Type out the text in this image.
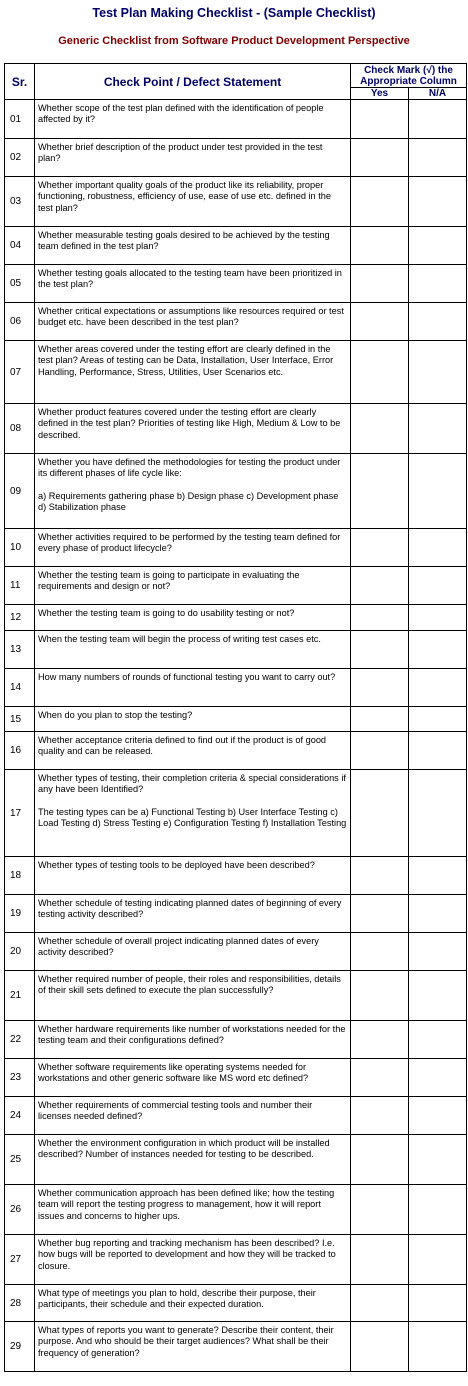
Test Plan Making Checklist - (Sample Checklist)
Generic Checklist from Software Product Development Perspective
Sr.	Check Point / Defect Statement	Check Mark (√) the Appropriate Column	
		Yes	N/A
01	Whether scope of the test plan defined with the identification of people affected by it?		
02	Whether brief description of the product under test provided in the test plan?		
03	Whether important quality goals of the product like its reliability, proper functioning, robustness, efficiency of use, ease of use etc. defined in the test plan?		
04	Whether measurable testing goals desired to be achieved by the testing team defined in the test plan?		
05	Whether testing goals allocated to the testing team have been prioritized in the test plan?		
06	Whether critical expectations or assumptions like resources required or test budget etc. have been described in the test plan?		
07	Whether areas covered under the testing effort are clearly defined in the test plan? Areas of testing can be Data, Installation, User Interface, Error Handling, Performance, Stress, Utilities, User Scenarios etc.		
08	Whether product features covered under the testing effort are clearly defined in the test plan? Priorities of testing like High, Medium & Low to be described.		
09	Whether you have defined the methodologies for testing the product under its different phases of life cycle like:

a) Requirements gathering phase b) Design phase c) Development phase d) Stabilization phase		
10	Whether activities required to be performed by the testing team defined for every phase of product lifecycle?		
11	Whether the testing team is going to participate in evaluating the requirements and design or not?		
12	Whether the testing team is going to do usability testing or not?		
13	When the testing team will begin the process of writing test cases etc.		
14	How many numbers of rounds of functional testing you want to carry out?		
15	When do you plan to stop the testing?		
16	Whether acceptance criteria defined to find out if the product is of good quality and can be released.		
17	Whether types of testing, their completion criteria & special considerations if any have been Identified?

The testing types can be a) Functional Testing b) User Interface Testing c) Load Testing d) Stress Testing e) Configuration Testing f) Installation Testing		
18	Whether types of testing tools to be deployed have been described?		
19	Whether schedule of testing indicating planned dates of beginning of every testing activity described?		
20	Whether schedule of overall project indicating planned dates of every activity described?		
21	Whether required number of people, their roles and responsibilities, details of their skill sets defined to execute the plan successfully?		
22	Whether hardware requirements like number of workstations needed for the testing team and their configurations defined?		
23	Whether software requirements like operating systems needed for workstations and other generic software like MS word etc defined?		
24	Whether requirements of commercial testing tools and number their licenses needed defined?		
25	Whether the environment configuration in which product will be installed described? Number of instances needed for testing to be described.		
26	Whether communication approach has been defined like; how the testing team will report the testing progress to management, how it will report issues and concerns to higher ups.		
27	Whether bug reporting and tracking mechanism has been described? I.e. how bugs will be reported to development and how they will be tracked to closure.		
28	What type of meetings you plan to hold, describe their purpose, their participants, their schedule and their expected duration.		
29	What types of reports you want to generate? Describe their content, their purpose. And who should be their target audiences? What shall be their frequency of generation?		
